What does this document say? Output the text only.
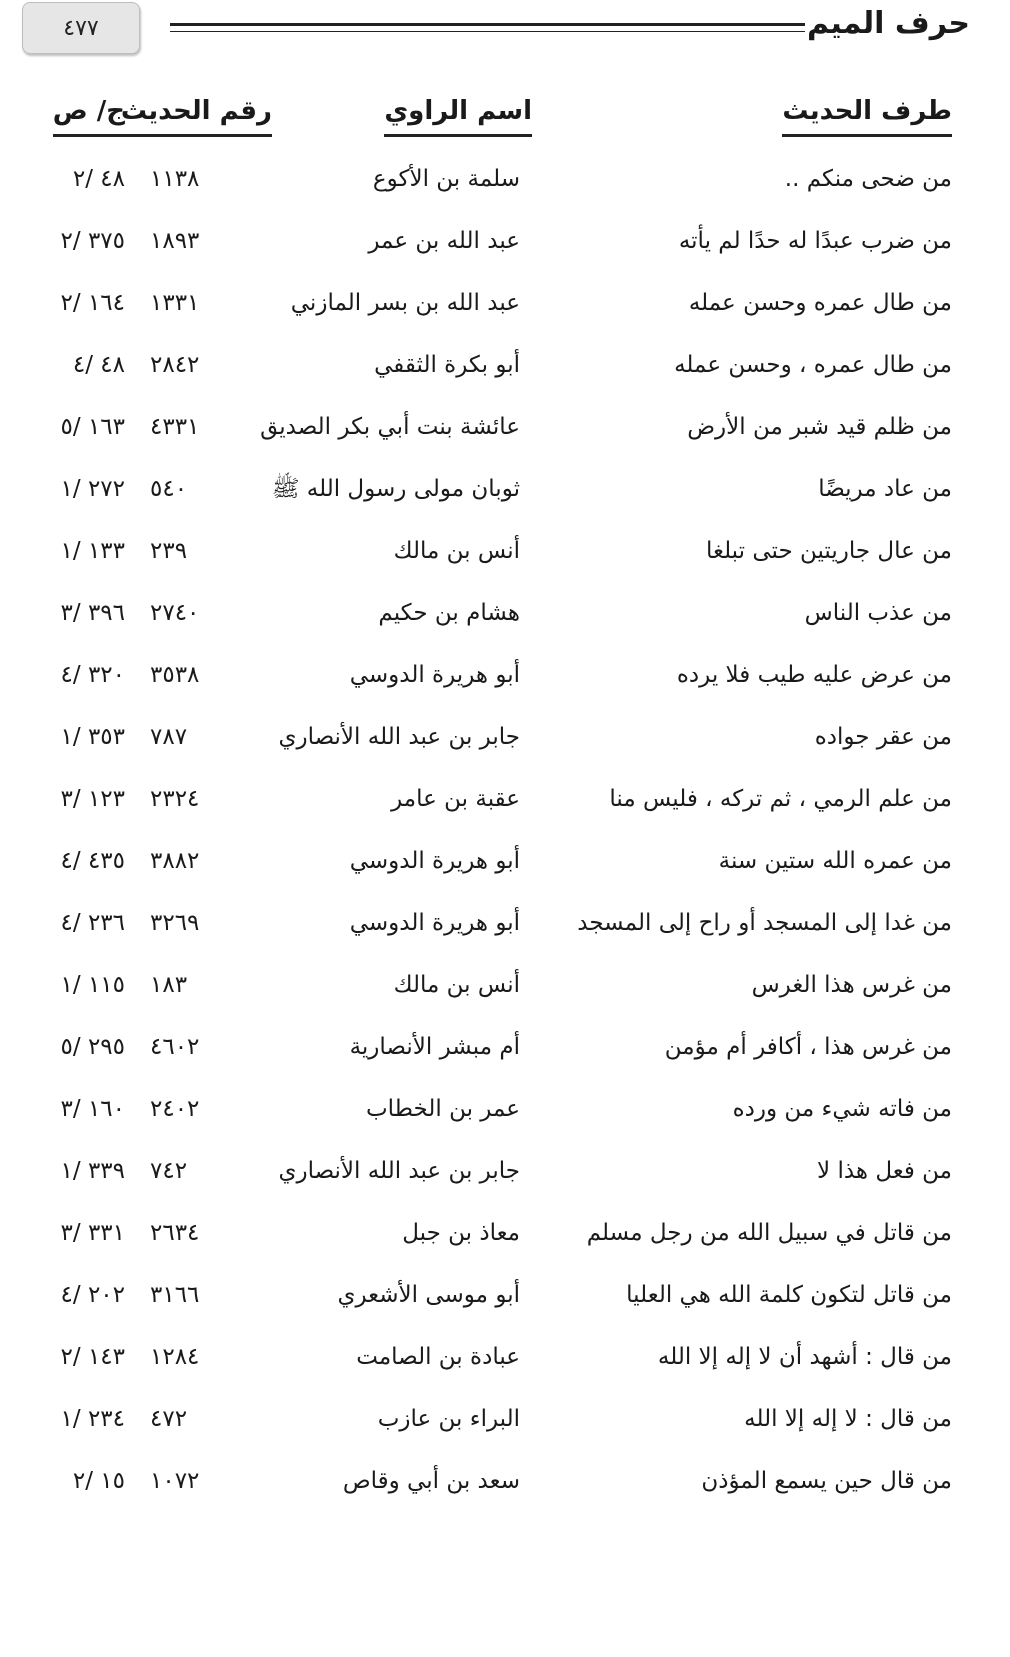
حرف الميم
٤٧٧
طرف الحديث
اسم الراوي
رقم الحديث
ج/ ص
من ضحى منكم ..
سلمة بن الأكوع
١١٣٨
٤٨ /٢
من ضرب عبدًا له حدًا لم يأته
عبد الله بن عمر
١٨٩٣
٣٧٥ /٢
من طال عمره وحسن عمله
عبد الله بن بسر المازني
١٣٣١
١٦٤ /٢
من طال عمره ، وحسن عمله
أبو بكرة الثقفي
٢٨٤٢
٤٨ /٤
من ظلم قيد شبر من الأرض
عائشة بنت أبي بكر الصديق
٤٣٣١
١٦٣ /٥
من عاد مريضًا
ثوبان مولى رسول الله ﷺ
٥٤٠
٢٧٢ /١
من عال جاريتين حتى تبلغا
أنس بن مالك
٢٣٩
١٣٣ /١
من عذب الناس
هشام بن حكيم
٢٧٤٠
٣٩٦ /٣
من عرض عليه طيب فلا يرده
أبو هريرة الدوسي
٣٥٣٨
٣٢٠ /٤
من عقر جواده
جابر بن عبد الله الأنصاري
٧٨٧
٣٥٣ /١
من علم الرمي ، ثم تركه ، فليس منا
عقبة بن عامر
٢٣٢٤
١٢٣ /٣
من عمره الله ستين سنة
أبو هريرة الدوسي
٣٨٨٢
٤٣٥ /٤
من غدا إلى المسجد أو راح إلى المسجد
أبو هريرة الدوسي
٣٢٦٩
٢٣٦ /٤
من غرس هذا الغرس
أنس بن مالك
١٨٣
١١٥ /١
من غرس هذا ، أكافر أم مؤمن
أم مبشر الأنصارية
٤٦٠٢
٢٩٥ /٥
من فاته شيء من ورده
عمر بن الخطاب
٢٤٠٢
١٦٠ /٣
من فعل هذا لا
جابر بن عبد الله الأنصاري
٧٤٢
٣٣٩ /١
من قاتل في سبيل الله من رجل مسلم
معاذ بن جبل
٢٦٣٤
٣٣١ /٣
من قاتل لتكون كلمة الله هي العليا
أبو موسى الأشعري
٣١٦٦
٢٠٢ /٤
من قال : أشهد أن لا إله إلا الله
عبادة بن الصامت
١٢٨٤
١٤٣ /٢
من قال : لا إله إلا الله
البراء بن عازب
٤٧٢
٢٣٤ /١
من قال حين يسمع المؤذن
سعد بن أبي وقاص
١٠٧٢
١٥ /٢
